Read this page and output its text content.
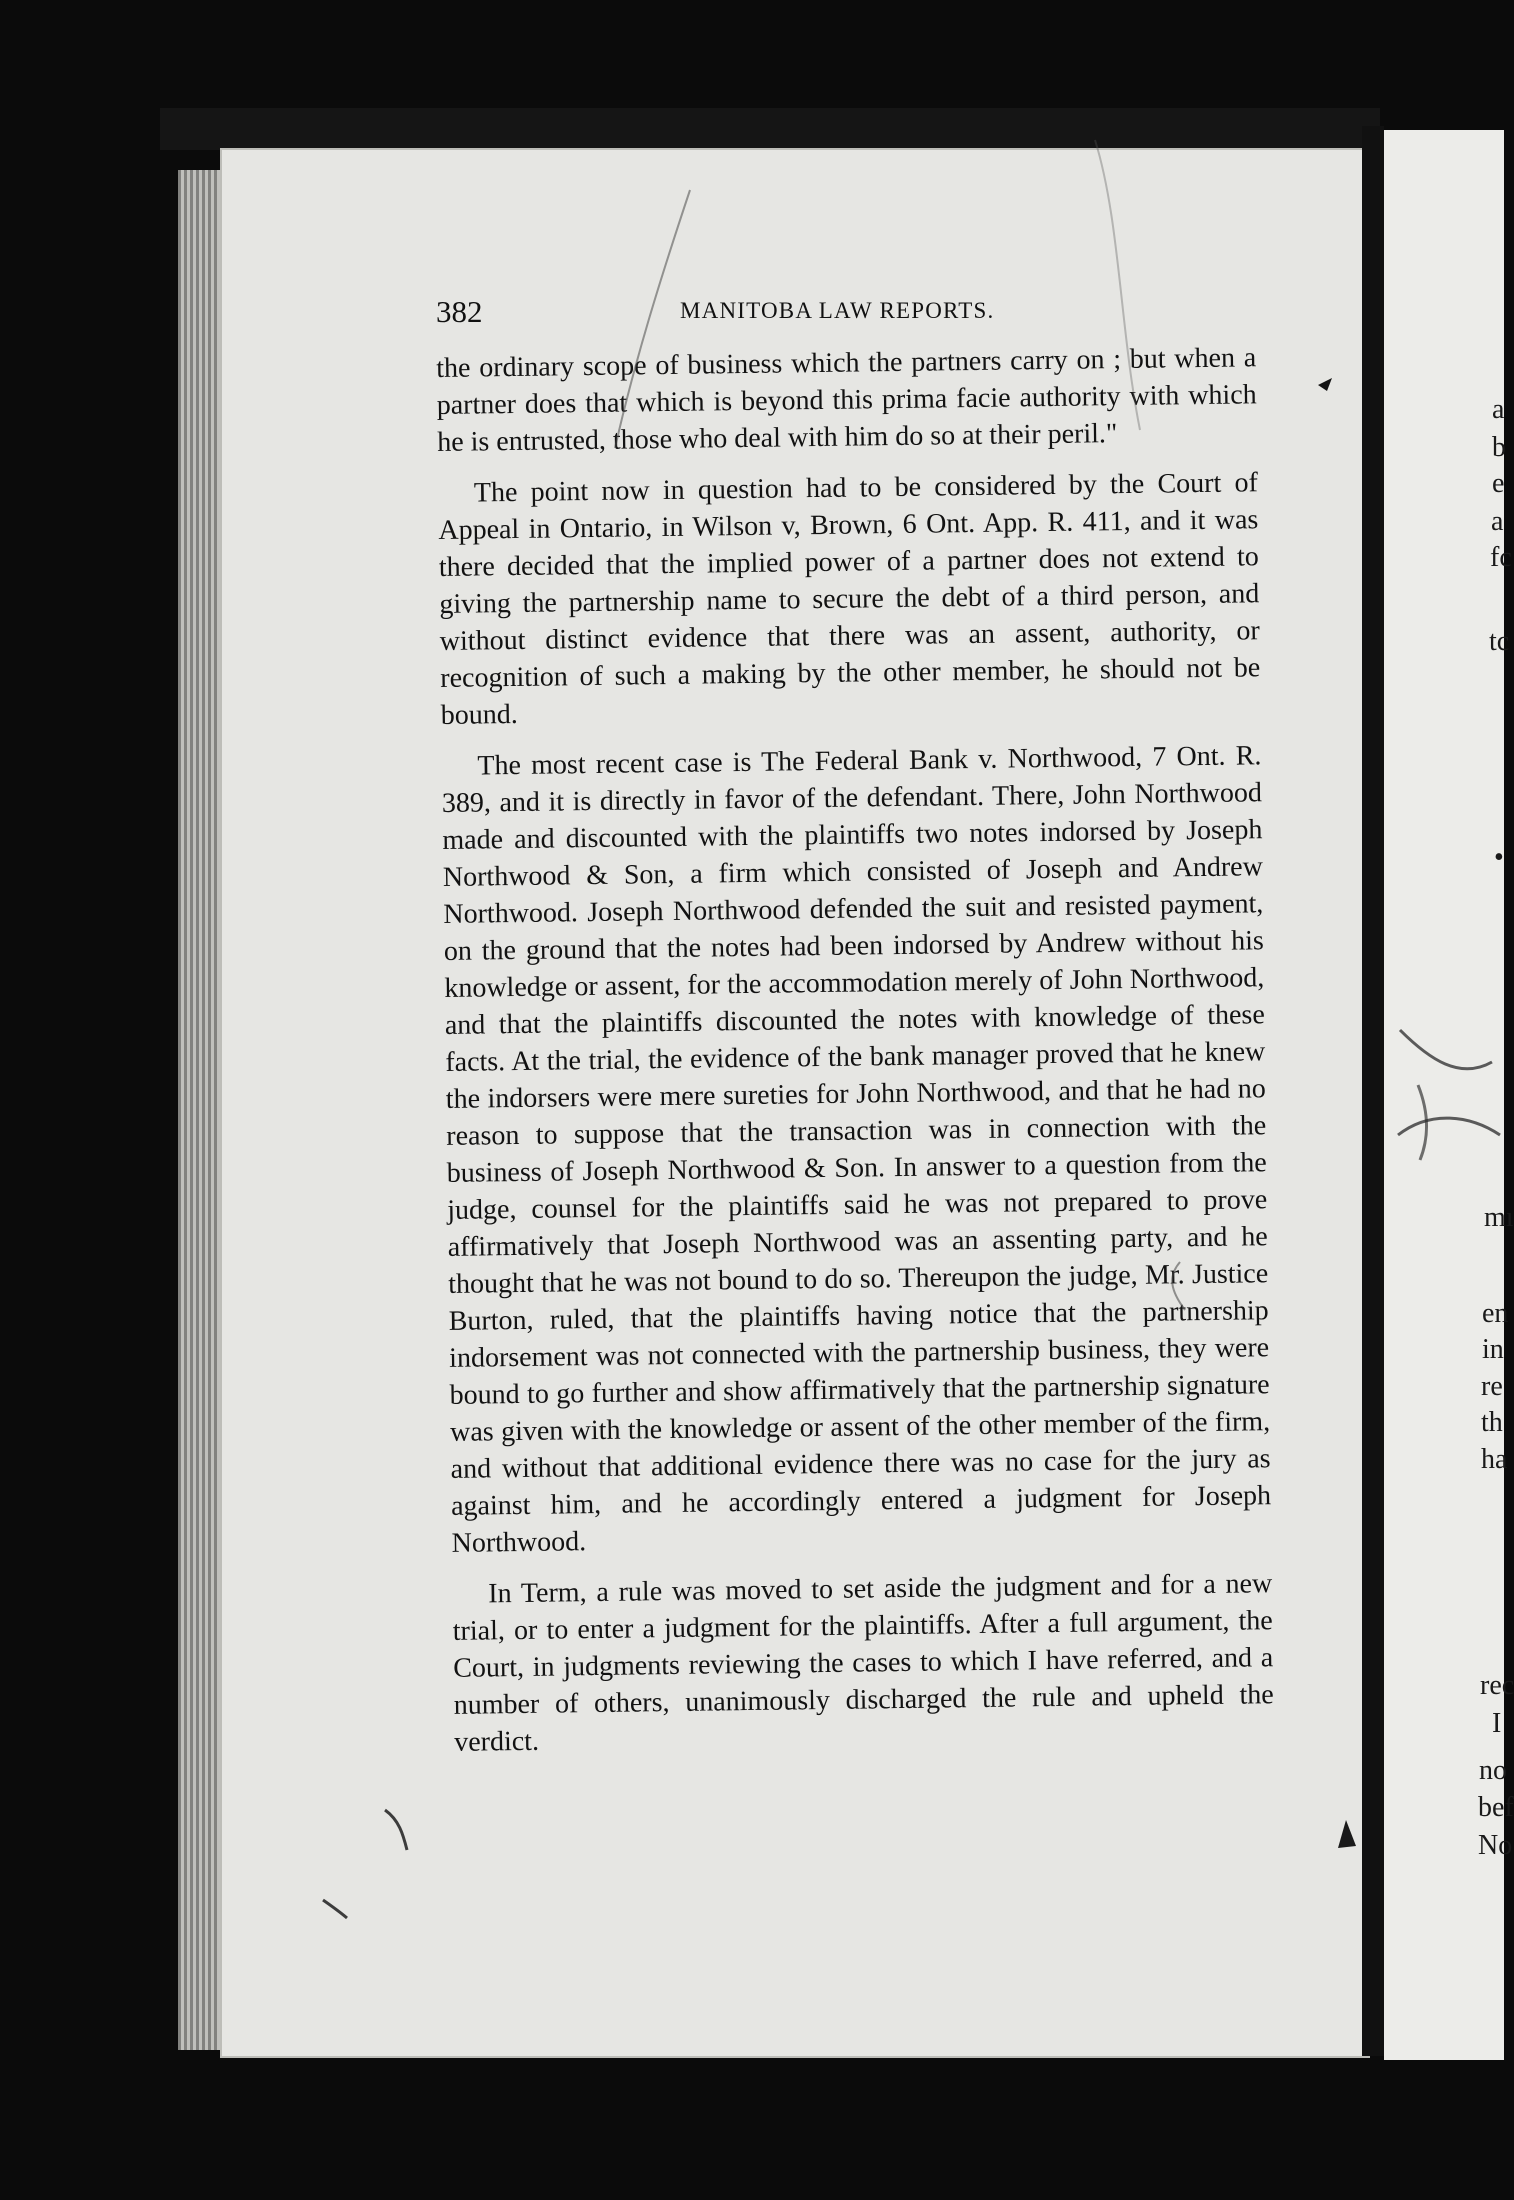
382	MANITOBA LAW REPORTS.

the ordinary scope of business which the partners carry on ; but when a partner does that which is beyond this prima facie authority with which he is entrusted, those who deal with him do so at their peril."

The point now in question had to be considered by the Court of Appeal in Ontario, in Wilson v, Brown, 6 Ont. App. R. 411, and it was there decided that the implied power of a partner does not extend to giving the partnership name to secure the debt of a third person, and without distinct evidence that there was an assent, authority, or recognition of such a making by the other member, he should not be bound.

The most recent case is The Federal Bank v. Northwood, 7 Ont. R. 389, and it is directly in favor of the defendant. There, John Northwood made and discounted with the plaintiffs two notes indorsed by Joseph Northwood & Son, a firm which consisted of Joseph and Andrew Northwood. Joseph Northwood defended the suit and resisted payment, on the ground that the notes had been indorsed by Andrew without his knowledge or assent, for the accommodation merely of John Northwood, and that the plaintiffs discounted the notes with knowledge of these facts. At the trial, the evidence of the bank manager proved that he knew the indorsers were mere sureties for John Northwood, and that he had no reason to suppose that the transaction was in connection with the business of Joseph Northwood & Son. In answer to a question from the judge, counsel for the plaintiffs said he was not prepared to prove affirmatively that Joseph Northwood was an assenting party, and he thought that he was not bound to do so. Thereupon the judge, Mr. Justice Burton, ruled, that the plaintiffs having notice that the partnership indorsement was not connected with the partnership business, they were bound to go further and show affirmatively that the partnership signature was given with the knowledge or assent of the other member of the firm, and without that additional evidence there was no case for the jury as against him, and he accordingly entered a judgment for Joseph Northwood.

In Term, a rule was moved to set aside the judgment and for a new trial, or to enter a judgment for the plaintiffs. After a full argument, the Court, in judgments reviewing the cases to which I have referred, and a number of others, unanimously discharged the rule and upheld the verdict.

a
b
e
a
fc
tc
•
mı
en
in
re
th
ha
rec
I
no
bef
No
